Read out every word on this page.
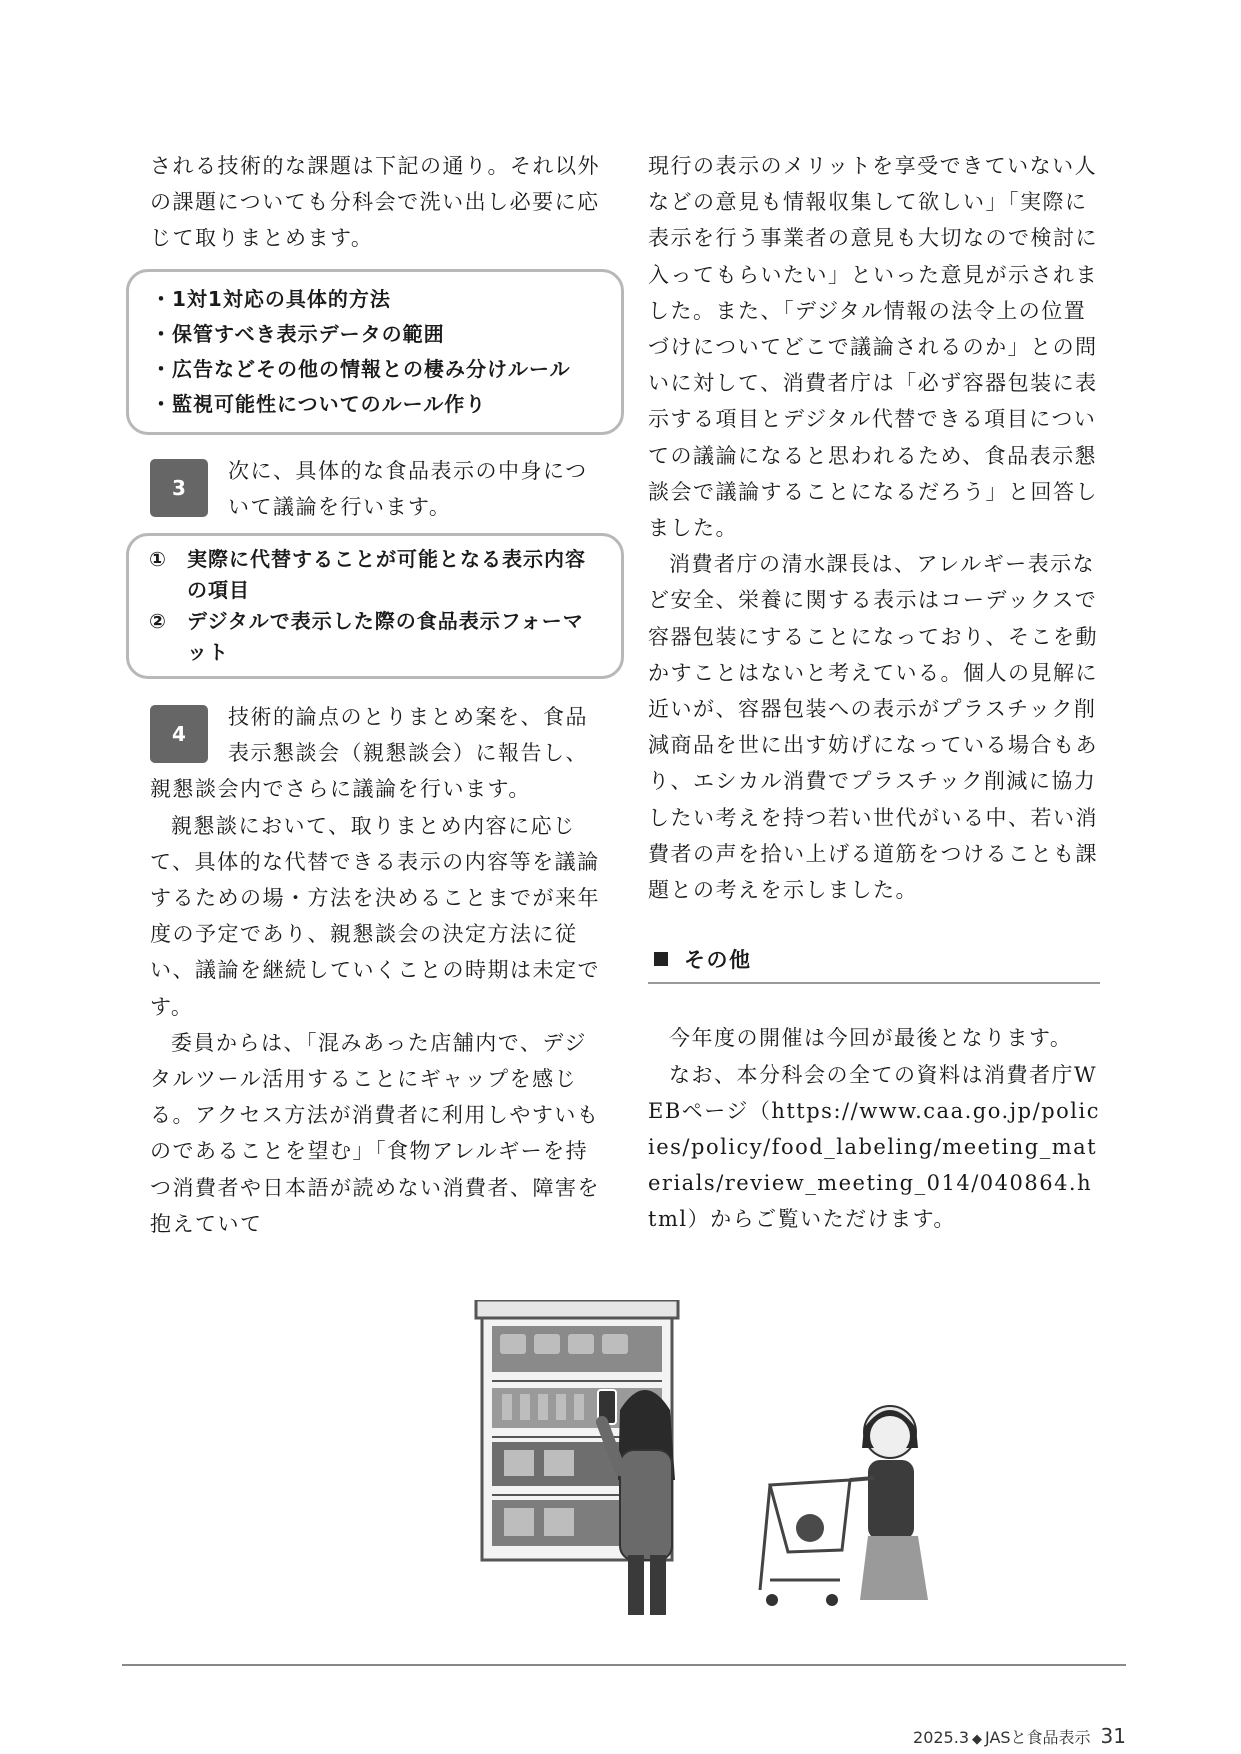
される技術的な課題は下記の通り。それ以外の課題についても分科会で洗い出し必要に応じて取りまとめます。

・1対1対応の具体的方法
・保管すべき表示データの範囲
・広告などその他の情報との棲み分けルール
・監視可能性についてのルール作り
3

次に、具体的な食品表示の中身について議論を行います。

①	実際に代替することが可能となる表示内容の項目
②	デジタルで表示した際の食品表示フォーマット
4

技術的論点のとりまとめ案を、食品表示懇談会（親懇談会）に報告し、親懇談会内でさらに議論を行います。

親懇談において、取りまとめ内容に応じて、具体的な代替できる表示の内容等を議論するための場・方法を決めることまでが来年度の予定であり、親懇談会の決定方法に従い、議論を継続していくことの時期は未定です。

委員からは、「混みあった店舗内で、デジタルツール活用することにギャップを感じる。アクセス方法が消費者に利用しやすいものであることを望む」「食物アレルギーを持つ消費者や日本語が読めない消費者、障害を抱えていて

現行の表示のメリットを享受できていない人などの意見も情報収集して欲しい」「実際に表示を行う事業者の意見も大切なので検討に入ってもらいたい」といった意見が示されました。また、「デジタル情報の法令上の位置づけについてどこで議論されるのか」との問いに対して、消費者庁は「必ず容器包装に表示する項目とデジタル代替できる項目についての議論になると思われるため、食品表示懇談会で議論することになるだろう」と回答しました。

消費者庁の清水課長は、アレルギー表示など安全、栄養に関する表示はコーデックスで容器包装にすることになっており、そこを動かすことはないと考えている。個人の見解に近いが、容器包装への表示がプラスチック削減商品を世に出す妨げになっている場合もあり、エシカル消費でプラスチック削減に協力したい考えを持つ若い世代がいる中、若い消費者の声を拾い上げる道筋をつけることも課題との考えを示しました。

その他

今年度の開催は今回が最後となります。

なお、本分科会の全ての資料は消費者庁WEBページ（https://www.caa.go.jp/policies/policy/food_labeling/meeting_materials/review_meeting_014/040864.html）からご覧いただけます。

2025.3 ◆ JASと食品表示 31
